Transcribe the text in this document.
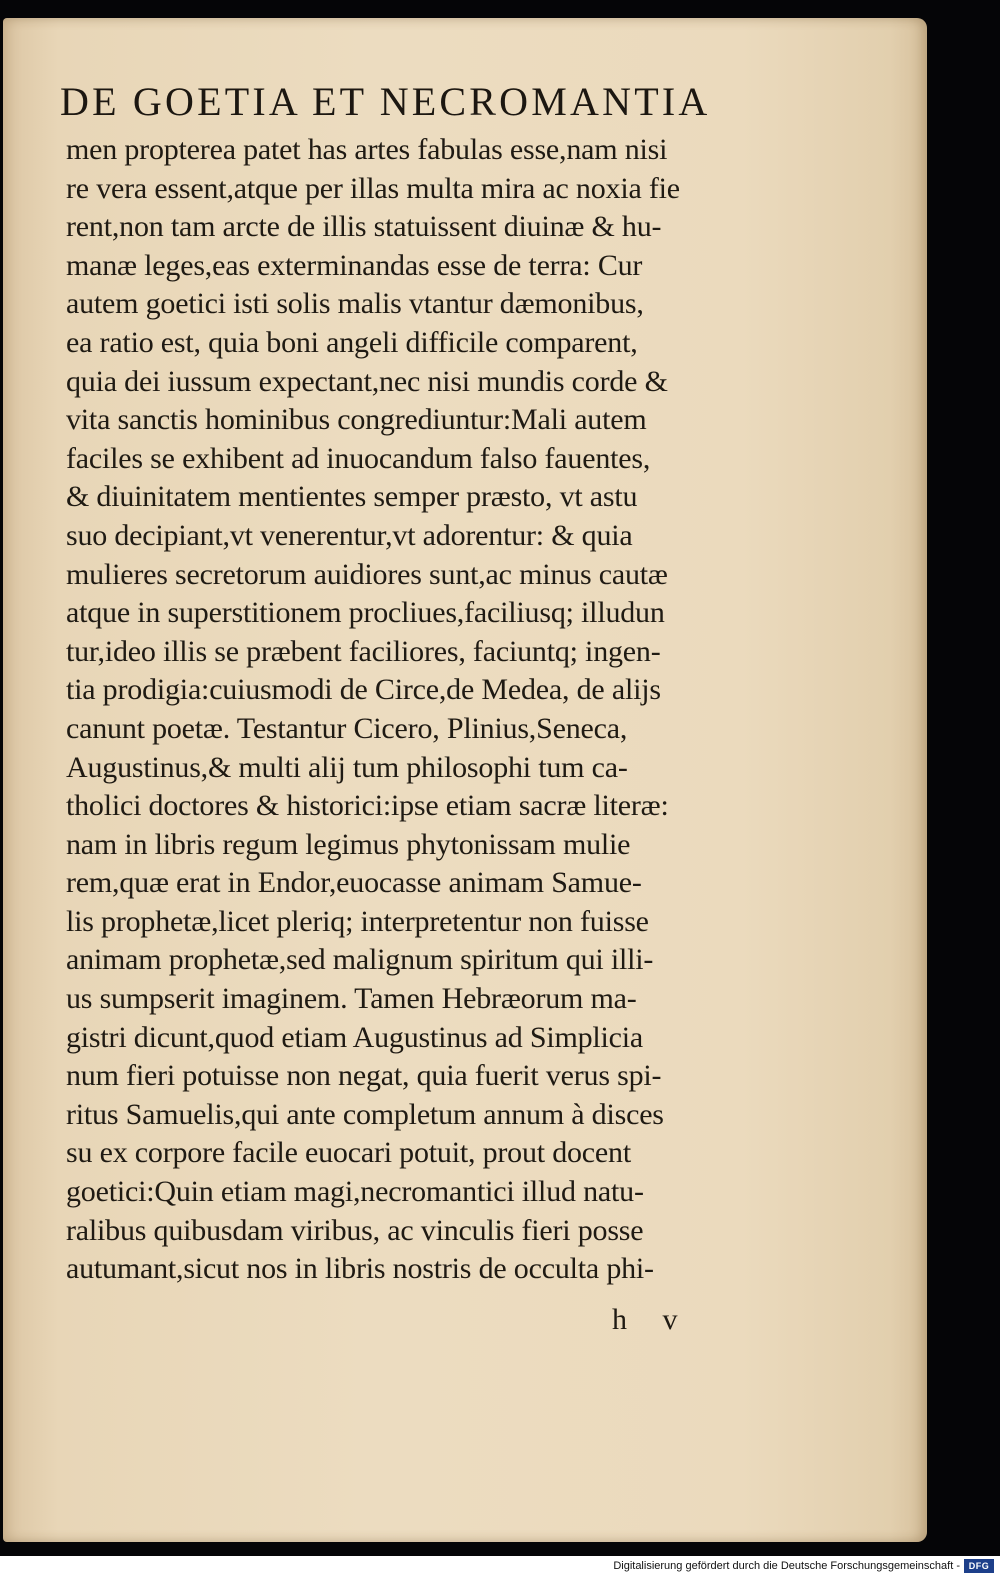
DE GOETIA ET NECROMANTIA
men propterea patet has artes fabulas esse,nam nisi
re vera essent,atque per illas multa mira ac noxia fie
rent,non tam arcte de illis statuissent diuinæ & hu-
manæ leges,eas exterminandas esse de terra: Cur
autem goetici isti solis malis vtantur dæmonibus,
ea ratio est, quia boni angeli difficile comparent,
quia dei iussum expectant,nec nisi mundis corde &
vita sanctis hominibus congrediuntur:Mali autem
faciles se exhibent ad inuocandum falso fauentes,
& diuinitatem mentientes semper præsto, vt astu
suo decipiant,vt venerentur,vt adorentur: & quia
mulieres secretorum auidiores sunt,ac minus cautæ
atque in superstitionem procliues,faciliusq; illudun
tur,ideo illis se præbent faciliores, faciuntq; ingen-
tia prodigia:cuiusmodi de Circe,de Medea, de aliјs
canunt poetæ. Testantur Cicero, Plinius,Seneca,
Augustinus,& multi alij tum philosophi tum ca-
tholici doctores & historici:ipse etiam sacræ literæ:
nam in libris regum legimus phytonissam mulie
rem,quæ erat in Endor,euocasse animam Samue-
lis prophetæ,licet pleriq; interpretentur non fuisse
animam prophetæ,sed malignum spiritum qui illi-
us sumpserit imaginem. Tamen Hebræorum ma-
gistri dicunt,quod etiam Augustinus ad Simplicia
num fieri potuisse non negat, quia fuerit verus spi-
ritus Samuelis,qui ante completum annum à disces
su ex corpore facile euocari potuit, prout docent
goetici:Quin etiam magi,necromantici illud natu-
ralibus quibusdam viribus, ac vinculis fieri posse
autumant,sicut nos in libris nostris de occulta phi-
h v
Digitalisierung gefördert durch die Deutsche Forschungsgemeinschaft - DFG
